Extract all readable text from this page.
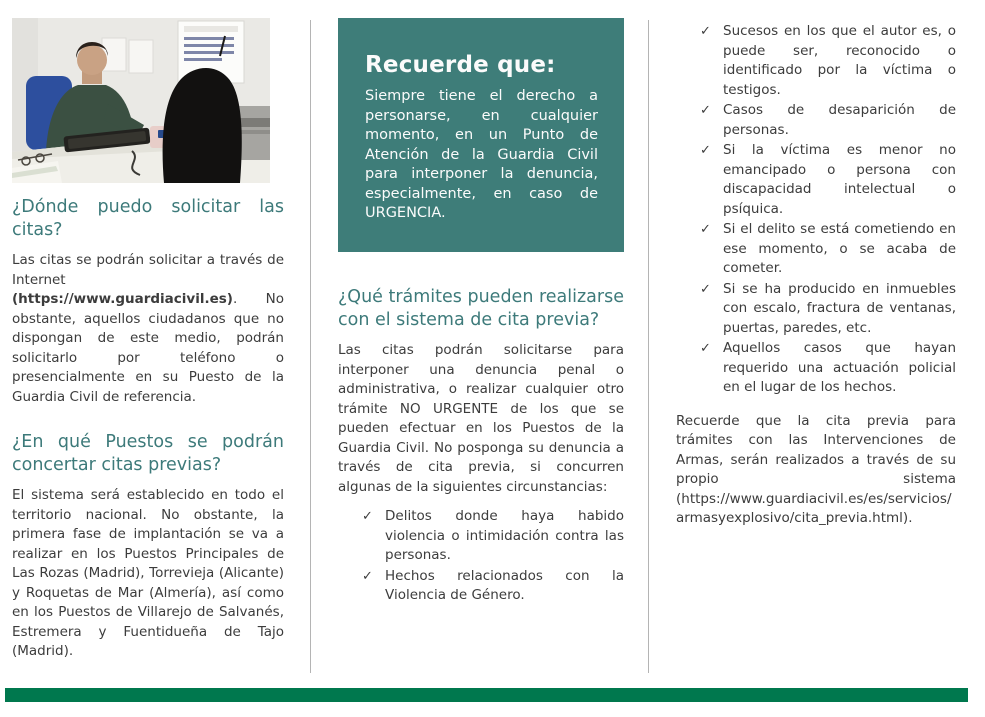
¿Dónde puedo solicitar las citas?

Las citas se podrán solicitar a través de Internet (https://www.guardiacivil.es). No obstante, aquellos ciudadanos que no dispongan de este medio, podrán solicitarlo por teléfono o presencialmente en su Puesto de la Guardia Civil de referencia.

¿En qué Puestos se podrán concertar citas previas?

El sistema será establecido en todo el territorio nacional. No obstante, la primera fase de implantación se va a realizar en los Puestos Principales de Las Rozas (Madrid), Torrevieja (Alicante) y Roquetas de Mar (Almería), así como en los Puestos de Villarejo de Salvanés, Estremera y Fuentidueña de Tajo (Madrid).

Recuerde que:

Siempre tiene el derecho a personarse, en cualquier momento, en un Punto de Atención de la Guardia Civil para interponer la denuncia, especialmente, en caso de URGENCIA.

¿Qué trámites pueden realizarse con el sistema de cita previa?

Las citas podrán solicitarse para interponer una denuncia penal o administrativa, o realizar cualquier otro trámite NO URGENTE de los que se pueden efectuar en los Puestos de la Guardia Civil. No posponga su denuncia a través de cita previa, si concurren algunas de la siguientes circunstancias:

✓ Delitos donde haya habido violencia o intimidación contra las personas.
✓ Hechos relacionados con la Violencia de Género.
✓ Sucesos en los que el autor es, o puede ser, reconocido o identificado por la víctima o testigos.
✓ Casos de desaparición de personas.
✓ Si la víctima es menor no emancipado o persona con discapacidad intelectual o psíquica.
✓ Si el delito se está cometiendo en ese momento, o se acaba de cometer.
✓ Si se ha producido en inmuebles con escalo, fractura de ventanas, puertas, paredes, etc.
✓ Aquellos casos que hayan requerido una actuación policial en el lugar de los hechos.

Recuerde que la cita previa para trámites con las Intervenciones de Armas, serán realizados a través de su propio sistema (https://www.guardiacivil.es/es/servicios/armasyexplosivo/cita_previa.html).
